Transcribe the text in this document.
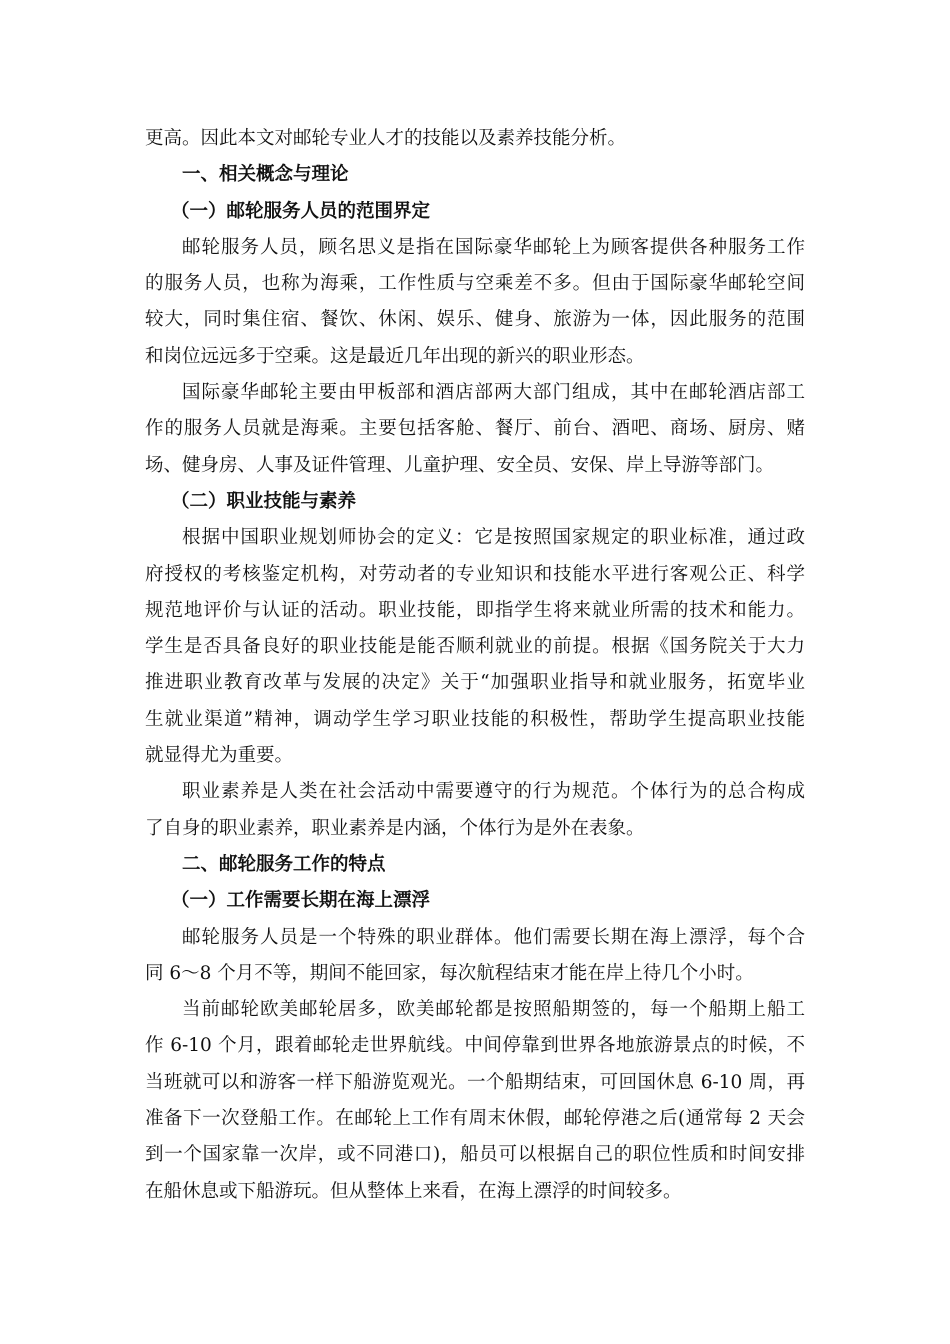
更高。因此本文对邮轮专业人才的技能以及素养技能分析。
一、相关概念与理论
（一）邮轮服务人员的范围界定
邮轮服务人员，顾名思义是指在国际豪华邮轮上为顾客提供各种服务工作
的服务人员，也称为海乘，工作性质与空乘差不多。但由于国际豪华邮轮空间
较大，同时集住宿、餐饮、休闲、娱乐、健身、旅游为一体，因此服务的范围
和岗位远远多于空乘。这是最近几年出现的新兴的职业形态。
国际豪华邮轮主要由甲板部和酒店部两大部门组成，其中在邮轮酒店部工
作的服务人员就是海乘。主要包括客舱、餐厅、前台、酒吧、商场、厨房、赌
场、健身房、人事及证件管理、儿童护理、安全员、安保、岸上导游等部门。
（二）职业技能与素养
根据中国职业规划师协会的定义：它是按照国家规定的职业标准，通过政
府授权的考核鉴定机构，对劳动者的专业知识和技能水平进行客观公正、科学
规范地评价与认证的活动。职业技能，即指学生将来就业所需的技术和能力。
学生是否具备良好的职业技能是能否顺利就业的前提。根据《国务院关于大力
推进职业教育改革与发展的决定》关于“加强职业指导和就业服务，拓宽毕业
生就业渠道”精神，调动学生学习职业技能的积极性，帮助学生提高职业技能
就显得尤为重要。
职业素养是人类在社会活动中需要遵守的行为规范。个体行为的总合构成
了自身的职业素养，职业素养是内涵，个体行为是外在表象。
二、邮轮服务工作的特点
（一）工作需要长期在海上漂浮
邮轮服务人员是一个特殊的职业群体。他们需要长期在海上漂浮，每个合
同 6～8 个月不等，期间不能回家，每次航程结束才能在岸上待几个小时。
当前邮轮欧美邮轮居多，欧美邮轮都是按照船期签的，每一个船期上船工
作 6-10 个月，跟着邮轮走世界航线。中间停靠到世界各地旅游景点的时候，不
当班就可以和游客一样下船游览观光。一个船期结束，可回国休息 6-10 周，再
准备下一次登船工作。在邮轮上工作有周末休假，邮轮停港之后(通常每 2 天会
到一个国家靠一次岸，或不同港口)，船员可以根据自己的职位性质和时间安排
在船休息或下船游玩。但从整体上来看，在海上漂浮的时间较多。
